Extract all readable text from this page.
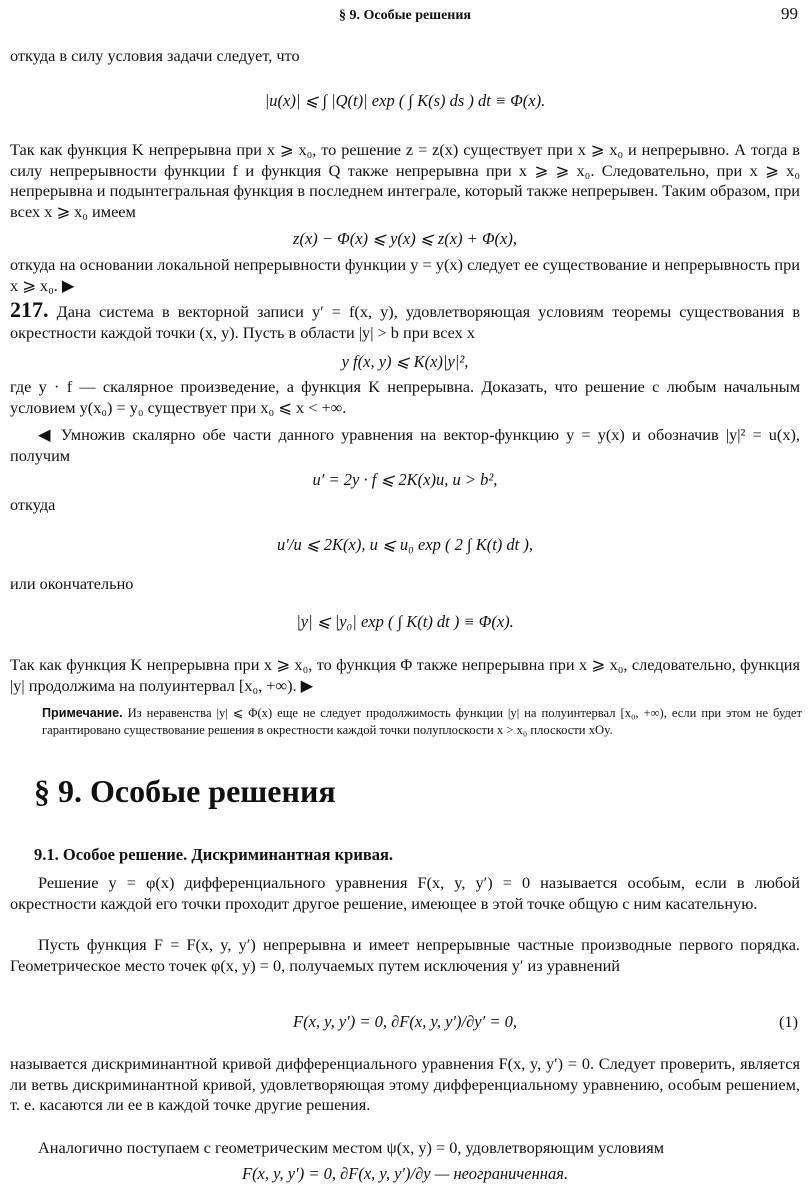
§ 9. Особые решения	99
откуда в силу условия задачи следует, что
|u(x)| ⩽ ∫ |Q(t)| exp ( ∫ K(s) ds ) dt ≡ Φ(x).
Так как функция K непрерывна при x ⩾ x₀, то решение z = z(x) существует при x ⩾ x₀ и непрерывно. А тогда в силу непрерывности функции f и функция Q также непрерывна при x ⩾ ⩾ x₀. Следовательно, при x ⩾ x₀ непрерывна и подынтегральная функция в последнем интеграле, который также непрерывен. Таким образом, при всех x ⩾ x₀ имеем
z(x) − Φ(x) ⩽ y(x) ⩽ z(x) + Φ(x),
откуда на основании локальной непрерывности функции y = y(x) следует ее существование и непрерывность при x ⩾ x₀. ▶
217. Дана система в векторной записи y′ = f(x, y), удовлетворяющая условиям теоремы существования в окрестности каждой точки (x, y). Пусть в области |y| > b при всех x
y f(x, y) ⩽ K(x)|y|²,
где y · f — скалярное произведение, а функция K непрерывна. Доказать, что решение с любым начальным условием y(x₀) = y₀ существует при x₀ ⩽ x < +∞.
◀ Умножив скалярно обе части данного уравнения на вектор-функцию y = y(x) и обозначив |y|² = u(x), получим
u′ = 2y · f ⩽ 2K(x)u, u > b²,
откуда
u′/u ⩽ 2K(x), u ⩽ u₀ exp ( 2 ∫ K(t) dt ),
или окончательно
|y| ⩽ |y₀| exp ( ∫ K(t) dt ) ≡ Φ(x).
Так как функция K непрерывна при x ⩾ x₀, то функция Φ также непрерывна при x ⩾ x₀, следовательно, функция |y| продолжима на полуинтервал [x₀, +∞). ▶
Примечание. Из неравенства |y| ⩽ Φ(x) еще не следует продолжимость функции |y| на полуинтервал [x₀, +∞), если при этом не будет гарантировано существование решения в окрестности каждой точки полуплоскости x > x₀ плоскости xOy.
§ 9. Особые решения
9.1. Особое решение. Дискриминантная кривая.
Решение y = φ(x) дифференциального уравнения F(x, y, y′) = 0 называется особым, если в любой окрестности каждой его точки проходит другое решение, имеющее в этой точке общую с ним касательную.
Пусть функция F = F(x, y, y′) непрерывна и имеет непрерывные частные производные первого порядка. Геометрическое место точек φ(x, y) = 0, получаемых путем исключения y′ из уравнений
F(x, y, y′) = 0, ∂F(x, y, y′)/∂y′ = 0,	(1)
называется дискриминантной кривой дифференциального уравнения F(x, y, y′) = 0. Следует проверить, является ли ветвь дискриминантной кривой, удовлетворяющая этому дифференциальному уравнению, особым решением, т. е. касаются ли ее в каждой точке другие решения.
Аналогично поступаем с геометрическим местом ψ(x, y) = 0, удовлетворяющим условиям
F(x, y, y′) = 0, ∂F(x, y, y′)/∂y — неограниченная.
